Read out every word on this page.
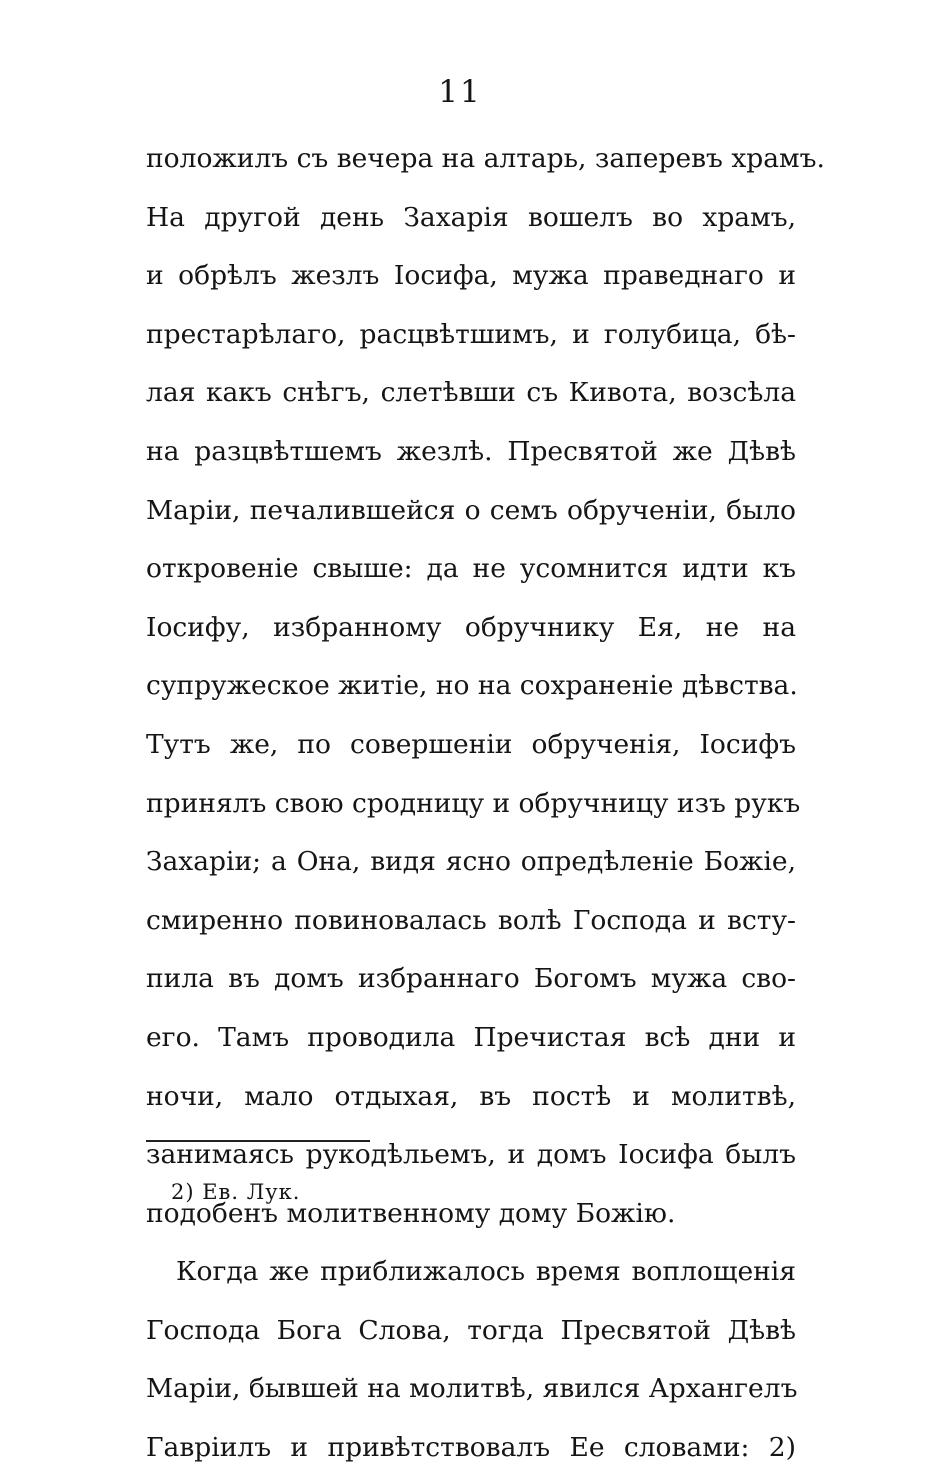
11
положилъ съ вечера на алтарь, заперевъ храмъ.
На другой день Захарія вошелъ во храмъ,
и обрѣлъ жезлъ Іосифа, мужа праведнаго и
престарѣлаго, расцвѣтшимъ, и голубица, бѣ-
лая какъ снѣгъ, слетѣвши съ Кивота, возсѣла
на разцвѣтшемъ жезлѣ. Пресвятой же Дѣвѣ
Маріи, печалившейся о семъ обрученіи, было
откровеніе свыше: да не усомнится идти къ
Іосифу, избранному обручнику Ея, не на
супружеское житіе, но на сохраненіе дѣвства.
Тутъ же, по совершеніи обрученія, Іосифъ
принялъ свою сродницу и обручницу изъ рукъ
Захаріи; а Она, видя ясно опредѣленіе Божіе,
смиренно повиновалась волѣ Господа и всту-
пила въ домъ избраннаго Богомъ мужа сво-
его. Тамъ проводила Пречистая всѣ дни и
ночи, мало отдыхая, въ постѣ и молитвѣ,
занимаясь рукодѣльемъ, и домъ Іосифа былъ
подобенъ молитвенному дому Божію.
Когда же приближалось время воплощенія
Господа Бога Слова, тогда Пресвятой Дѣвѣ
Маріи, бывшей на молитвѣ, явился Архангелъ
Гавріилъ и привѣтствовалъ Ее словами: 2)
2) Ев. Лук.
